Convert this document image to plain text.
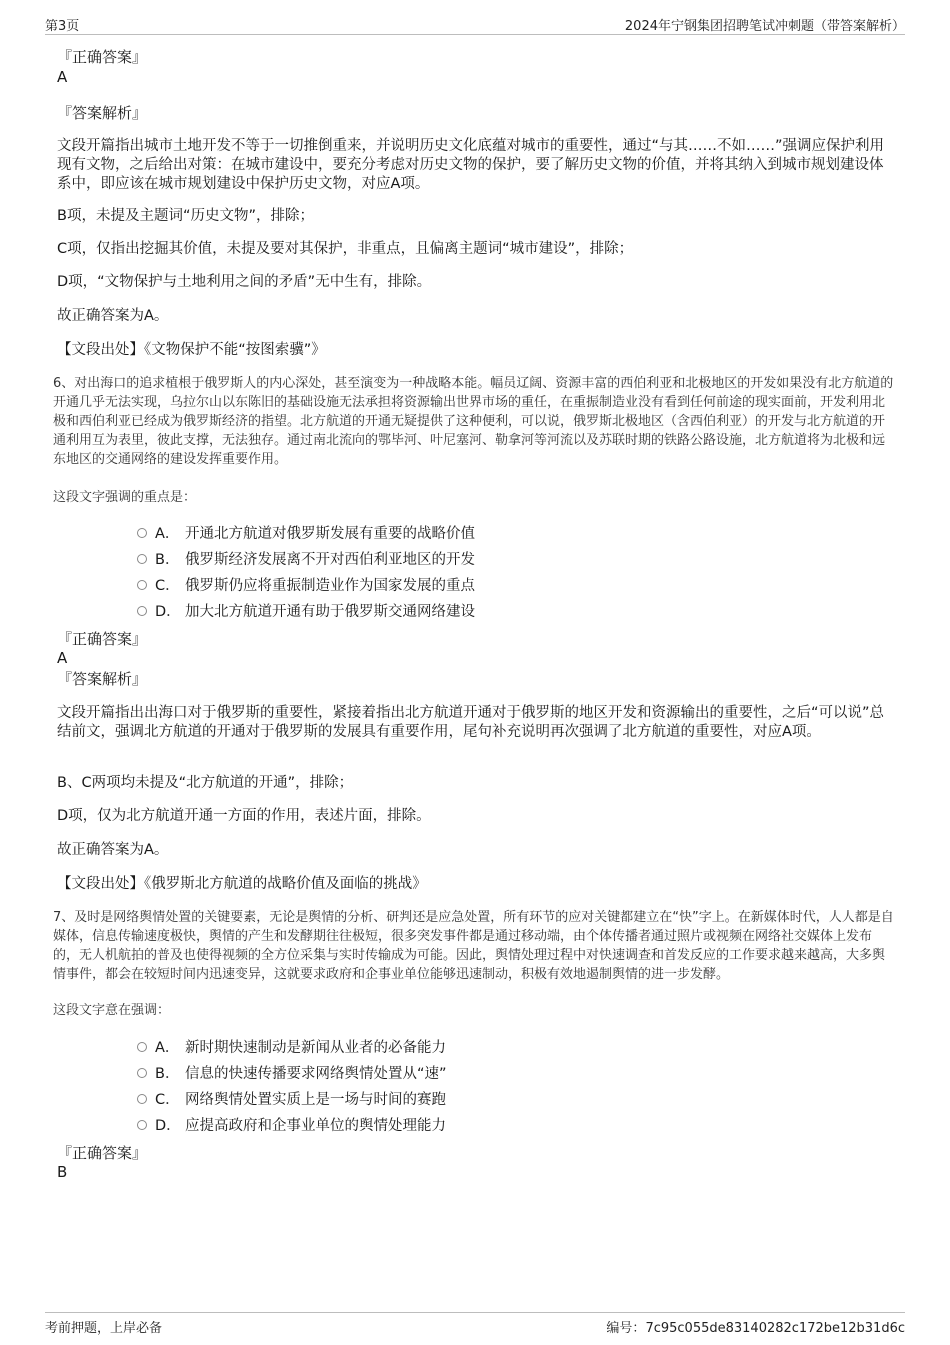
第3页	2024年宁钢集团招聘笔试冲刺题（带答案解析）
『正确答案』
A
『答案解析』
文段开篇指出城市土地开发不等于一切推倒重来，并说明历史文化底蕴对城市的重要性，通过“与其……不如……”强调应保护利用现有文物，之后给出对策：在城市建设中，要充分考虑对历史文物的保护，要了解历史文物的价值，并将其纳入到城市规划建设体系中，即应该在城市规划建设中保护历史文物，对应A项。
B项，未提及主题词“历史文物”，排除；
C项，仅指出挖掘其价值，未提及要对其保护，非重点，且偏离主题词“城市建设”，排除；
D项，“文物保护与土地利用之间的矛盾”无中生有，排除。
故正确答案为A。
【文段出处】《文物保护不能“按图索骥”》
6、对出海口的追求植根于俄罗斯人的内心深处，甚至演变为一种战略本能。幅员辽阔、资源丰富的西伯利亚和北极地区的开发如果没有北方航道的开通几乎无法实现，乌拉尔山以东陈旧的基础设施无法承担将资源输出世界市场的重任，在重振制造业没有看到任何前途的现实面前，开发利用北极和西伯利亚已经成为俄罗斯经济的指望。北方航道的开通无疑提供了这种便利，可以说，俄罗斯北极地区（含西伯利亚）的开发与北方航道的开通利用互为表里，彼此支撑，无法独存。通过南北流向的鄂毕河、叶尼塞河、勒拿河等河流以及苏联时期的铁路公路设施，北方航道将为北极和远东地区的交通网络的建设发挥重要作用。
这段文字强调的重点是：
A． 开通北方航道对俄罗斯发展有重要的战略价值
B． 俄罗斯经济发展离不开对西伯利亚地区的开发
C． 俄罗斯仍应将重振制造业作为国家发展的重点
D． 加大北方航道开通有助于俄罗斯交通网络建设
『正确答案』
A
『答案解析』
文段开篇指出出海口对于俄罗斯的重要性，紧接着指出北方航道开通对于俄罗斯的地区开发和资源输出的重要性，之后“可以说”总结前文，强调北方航道的开通对于俄罗斯的发展具有重要作用，尾句补充说明再次强调了北方航道的重要性，对应A项。
B、C两项均未提及“北方航道的开通”，排除；
D项，仅为北方航道开通一方面的作用，表述片面，排除。
故正确答案为A。
【文段出处】《俄罗斯北方航道的战略价值及面临的挑战》
7、及时是网络舆情处置的关键要素，无论是舆情的分析、研判还是应急处置，所有环节的应对关键都建立在“快”字上。在新媒体时代，人人都是自媒体，信息传输速度极快，舆情的产生和发酵期往往极短，很多突发事件都是通过移动端，由个体传播者通过照片或视频在网络社交媒体上发布的，无人机航拍的普及也使得视频的全方位采集与实时传输成为可能。因此，舆情处理过程中对快速调查和首发反应的工作要求越来越高，大多舆情事件，都会在较短时间内迅速变异，这就要求政府和企事业单位能够迅速制动，积极有效地遏制舆情的进一步发酵。
这段文字意在强调：
A． 新时期快速制动是新闻从业者的必备能力
B． 信息的快速传播要求网络舆情处置从“速”
C． 网络舆情处置实质上是一场与时间的赛跑
D． 应提高政府和企事业单位的舆情处理能力
『正确答案』
B
考前押题，上岸必备	编号：7c95c055de83140282c172be12b31d6c
